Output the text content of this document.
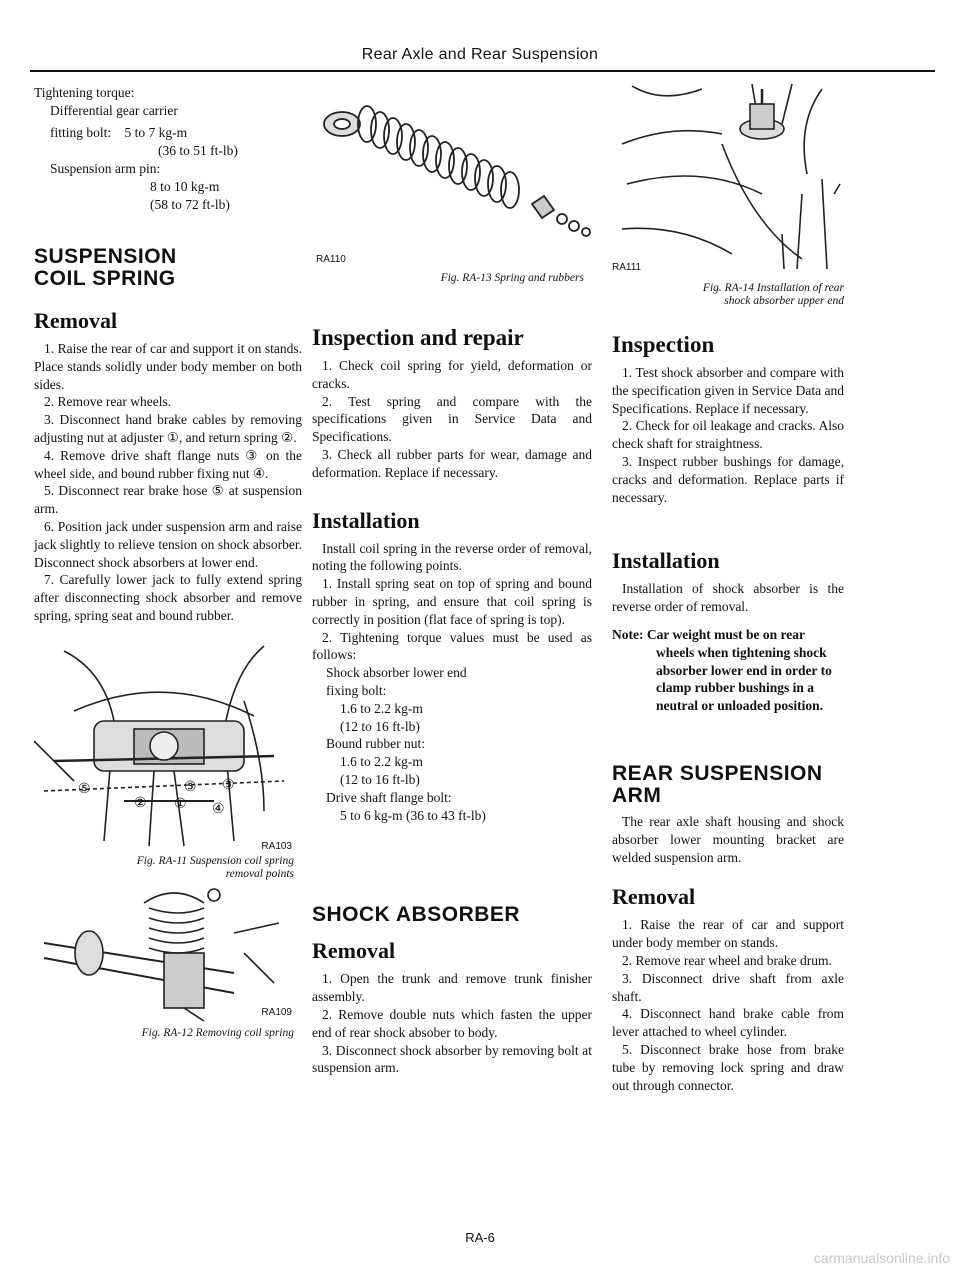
Rear Axle and Rear Suspension
Tightening torque:
Differential gear carrier
fitting bolt: 5 to 7 kg-m
(36 to 51 ft-lb)
Suspension arm pin:
8 to 10 kg-m
(58 to 72 ft-lb)
SUSPENSION
COIL SPRING
Removal

1. Raise the rear of car and support it on stands. Place stands solidly under body member on both sides.

2. Remove rear wheels.

3. Disconnect hand brake cables by removing adjusting nut at adjuster ①, and return spring ②.

4. Remove drive shaft flange nuts ③ on the wheel side, and bound rubber fixing nut ④.

5. Disconnect rear brake hose ⑤ at suspension arm.

6. Position jack under suspension arm and raise jack slightly to relieve tension on shock absorber. Disconnect shock absorbers at lower end.

7. Carefully lower jack to fully extend spring after disconnecting shock absorber and remove spring, spring seat and bound rubber.

⑤	⑤ ③
② ① ④
RA103
Fig. RA-11 Suspension coil spring
removal points
RA109
Fig. RA-12 Removing coil spring
RA110
Fig. RA-13 Spring and rubbers
Inspection and repair

1. Check coil spring for yield, deformation or cracks.

2. Test spring and compare with the specifications given in Service Data and Specifications.

3. Check all rubber parts for wear, damage and deformation. Replace if necessary.

Installation

Install coil spring in the reverse order of removal, noting the following points.

1. Install spring seat on top of spring and bound rubber in spring, and ensure that coil spring is correctly in position (flat face of spring is top).

2. Tightening torque values must be used as follows:

Shock absorber lower end
fixing bolt:
1.6 to 2.2 kg-m
(12 to 16 ft-lb)
Bound rubber nut:
1.6 to 2.2 kg-m
(12 to 16 ft-lb)
Drive shaft flange bolt:
5 to 6 kg-m (36 to 43 ft-lb)
SHOCK ABSORBER
Removal

1. Open the trunk and remove trunk finisher assembly.

2. Remove double nuts which fasten the upper end of rear shock absober to body.

3. Disconnect shock absorber by removing bolt at suspension arm.

RA111
Fig. RA-14 Installation of rear
shock absorber upper end
Inspection

1. Test shock absorber and compare with the specification given in Service Data and Specifications. Replace if necessary.

2. Check for oil leakage and cracks. Also check shaft for straightness.

3. Inspect rubber bushings for damage, cracks and deformation. Replace parts if necessary.

Installation

Installation of shock absorber is the reverse order of removal.

Note: Car weight must be on rear wheels when tightening shock absorber lower end in order to clamp rubber bushings in a neutral or unloaded position.

REAR SUSPENSION
ARM

The rear axle shaft housing and shock absorber lower mounting bracket are welded suspension arm.

Removal

1. Raise the rear of car and support under body member on stands.

2. Remove rear wheel and brake drum.

3. Disconnect drive shaft from axle shaft.

4. Disconnect hand brake cable from lever attached to wheel cylinder.

5. Disconnect brake hose from brake tube by removing lock spring and draw out through connector.

RA-6
carmanualsonline.info
